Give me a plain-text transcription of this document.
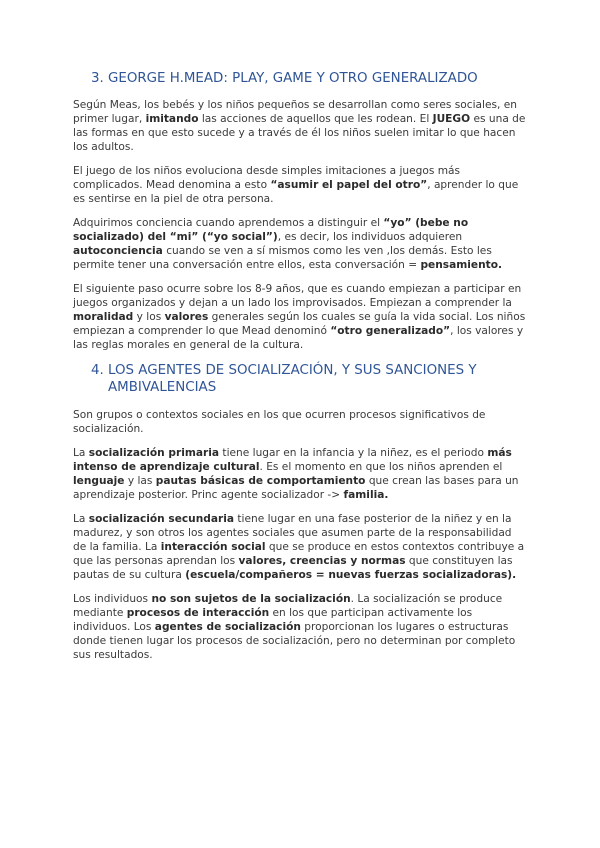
3. GEORGE H.MEAD: PLAY, GAME Y OTRO GENERALIZADO

Según Meas, los bebés y los niños pequeños se desarrollan como seres sociales, en primer lugar, imitando las acciones de aquellos que les rodean. El JUEGO es una de las formas en que esto sucede y a través de él los niños suelen imitar lo que hacen los adultos.

El juego de los niños evoluciona desde simples imitaciones a juegos más complicados. Mead denomina a esto “asumir el papel del otro”, aprender lo que es sentirse en la piel de otra persona.

Adquirimos conciencia cuando aprendemos a distinguir el “yo” (bebe no socializado) del “mi” (“yo social”), es decir, los individuos adquieren autoconciencia cuando se ven a sí mismos como les ven ,los demás. Esto les permite tener una conversación entre ellos, esta conversación = pensamiento.

El siguiente paso ocurre sobre los 8-9 años, que es cuando empiezan a participar en juegos organizados y dejan a un lado los improvisados. Empiezan a comprender la moralidad y los valores generales según los cuales se guía la vida social. Los niños empiezan a comprender lo que Mead denominó “otro generalizado”, los valores y las reglas morales en general de la cultura.

4. LOS AGENTES DE SOCIALIZACIÓN, Y SUS SANCIONES Y AMBIVALENCIAS

Son grupos o contextos sociales en los que ocurren procesos significativos de socialización.

La socialización primaria tiene lugar en la infancia y la niñez, es el periodo más intenso de aprendizaje cultural. Es el momento en que los niños aprenden el lenguaje y las pautas básicas de comportamiento que crean las bases para un aprendizaje posterior. Princ agente socializador -> familia.

La socialización secundaria tiene lugar en una fase posterior de la niñez y en la madurez, y son otros los agentes sociales que asumen parte de la responsabilidad de la familia. La interacción social que se produce en estos contextos contribuye a que las personas aprendan los valores, creencias y normas que constituyen las pautas de su cultura (escuela/compañeros = nuevas fuerzas socializadoras).

Los individuos no son sujetos de la socialización. La socialización se produce mediante procesos de interacción en los que participan activamente los individuos. Los agentes de socialización proporcionan los lugares o estructuras donde tienen lugar los procesos de socialización, pero no determinan por completo sus resultados.
